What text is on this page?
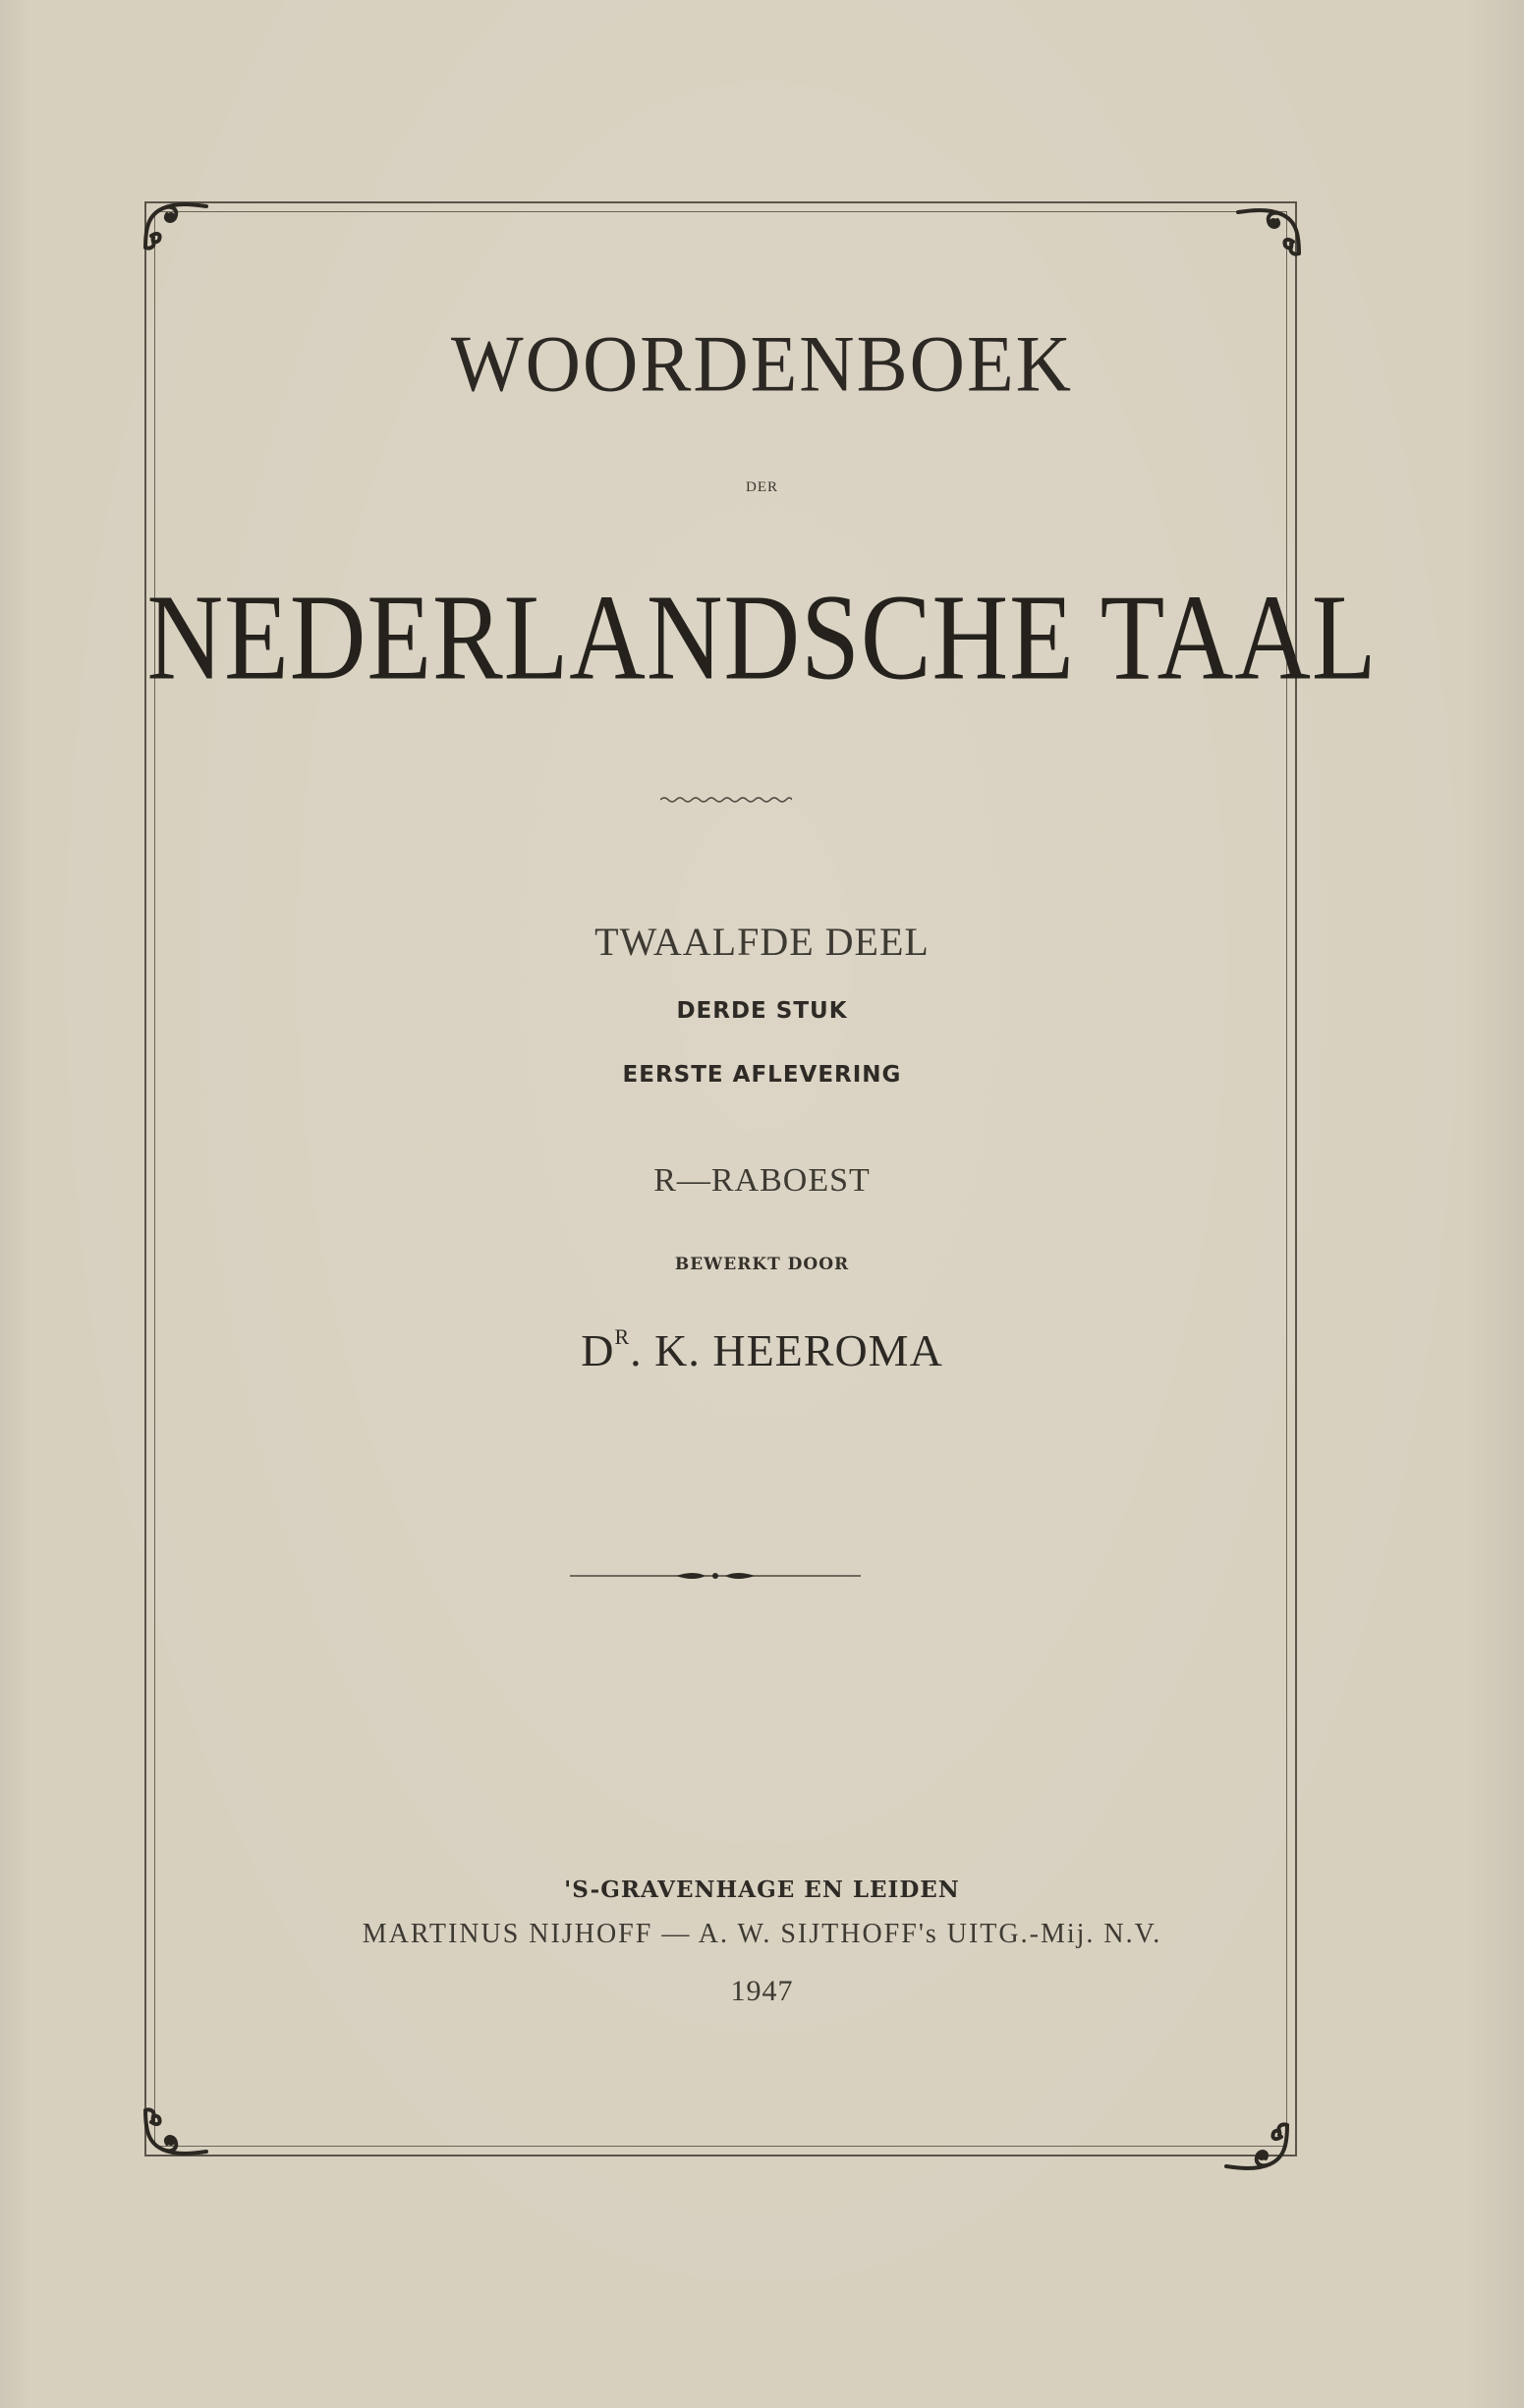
WOORDENBOEK
DER
NEDERLANDSCHE TAAL
TWAALFDE DEEL
DERDE STUK
EERSTE AFLEVERING
R—RABOEST
BEWERKT DOOR
$D^R$. K. HEEROMA
'S-GRAVENHAGE EN LEIDEN
MARTINUS NIJHOFF — A. W. SIJTHOFF's UITG.-Mij. N.V.
1947
